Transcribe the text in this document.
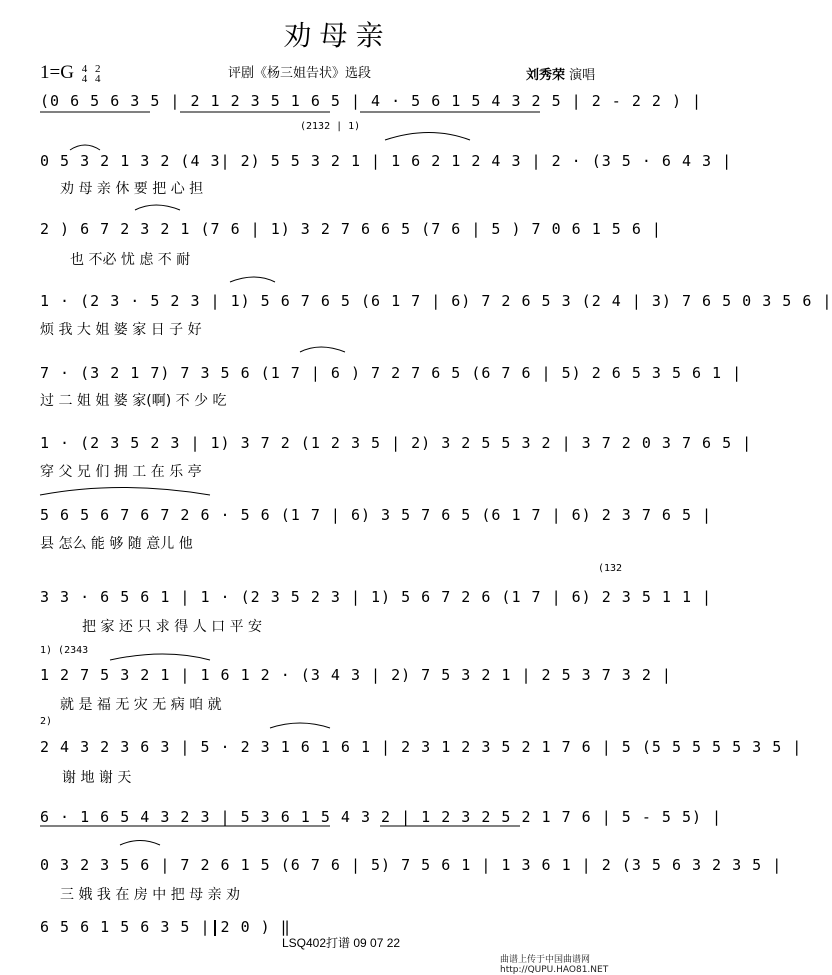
劝母亲
1=G 4
4 2
4	评剧《杨三姐告状》选段	刘秀荣 演唱
(0 6 5 6 3 5 | 2 1 2 3 5 1 6 5 | 4 · 5 6 1 5 4 3 2 5 | 2 - 2 2 ) |
(2132 | 1)
0 5 3 2 1 3 2 (4 3| 2) 5 5 3 2 1 | 1 6 2 1 2 4 3 | 2 · (3 5 · 6 4 3 |
劝 母 亲 休 要 把 心 担
2 ) 6 7 2 3 2 1 (7 6 | 1) 3 2 7 6 6 5 (7 6 | 5 ) 7 0 6 1 5 6 |
也 不必 忧 虑 不 耐
1 · (2 3 · 5 2 3 | 1) 5 6 7 6 5 (6 1 7 | 6) 7 2 6 5 3 (2 4 | 3) 7 6 5 0 3 5 6 |
烦 我 大 姐 婆 家 日 子 好
7 · (3 2 1 7) 7 3 5 6 (1 7 | 6 ) 7 2 7 6 5 (6 7 6 | 5) 2 6 5 3 5 6 1 |
过 二 姐 姐 婆 家(啊) 不 少 吃
1 · (2 3 5 2 3 | 1) 3 7 2 (1 2 3 5 | 2) 3 2 5 5 3 2 | 3 7 2 0 3 7 6 5 |
穿 父 兄 们 拥 工 在 乐 亭
5 6 5 6 7 6 7 2 6 · 5 6 (1 7 | 6) 3 5 7 6 5 (6 1 7 | 6) 2 3 7 6 5 |
县 怎么 能 够 随 意儿 他
(132
3 3 · 6 5 6 1 | 1 · (2 3 5 2 3 | 1) 5 6 7 2 6 (1 7 | 6) 2 3 5 1 1 |
把 家 还 只 求 得 人 口 平 安
1) (2343
1 2 7 5 3 2 1 | 1 6 1 2 · (3 4 3 | 2) 7 5 3 2 1 | 2 5 3 7 3 2 |
就 是 福 无 灾 无 病 咱 就
2)
2 4 3 2 3 6 3 | 5 · 2 3 1 6 1 6 1 | 2 3 1 2 3 5 2 1 7 6 | 5 (5 5 5 5 5 3 5 |
谢 地 谢 天
6 · 1 6 5 4 3 2 3 | 5 3 6 1 5 4 3 2 | 1 2 3 2 5 2 1 7 6 | 5 - 5 5) |
0 3 2 3 5 6 | 7 2 6 1 5 (6 7 6 | 5) 7 5 6 1 | 1 3 6 1 | 2 (3 5 6 3 2 3 5 |
三 娥 我 在 房 中 把 母 亲 劝
6 5 6 1 5 6 3 5 | 2 0 ) ‖
LSQ402打谱 09 07 22
曲谱上传于中国曲谱网
http://QUPU.HAO81.NET
